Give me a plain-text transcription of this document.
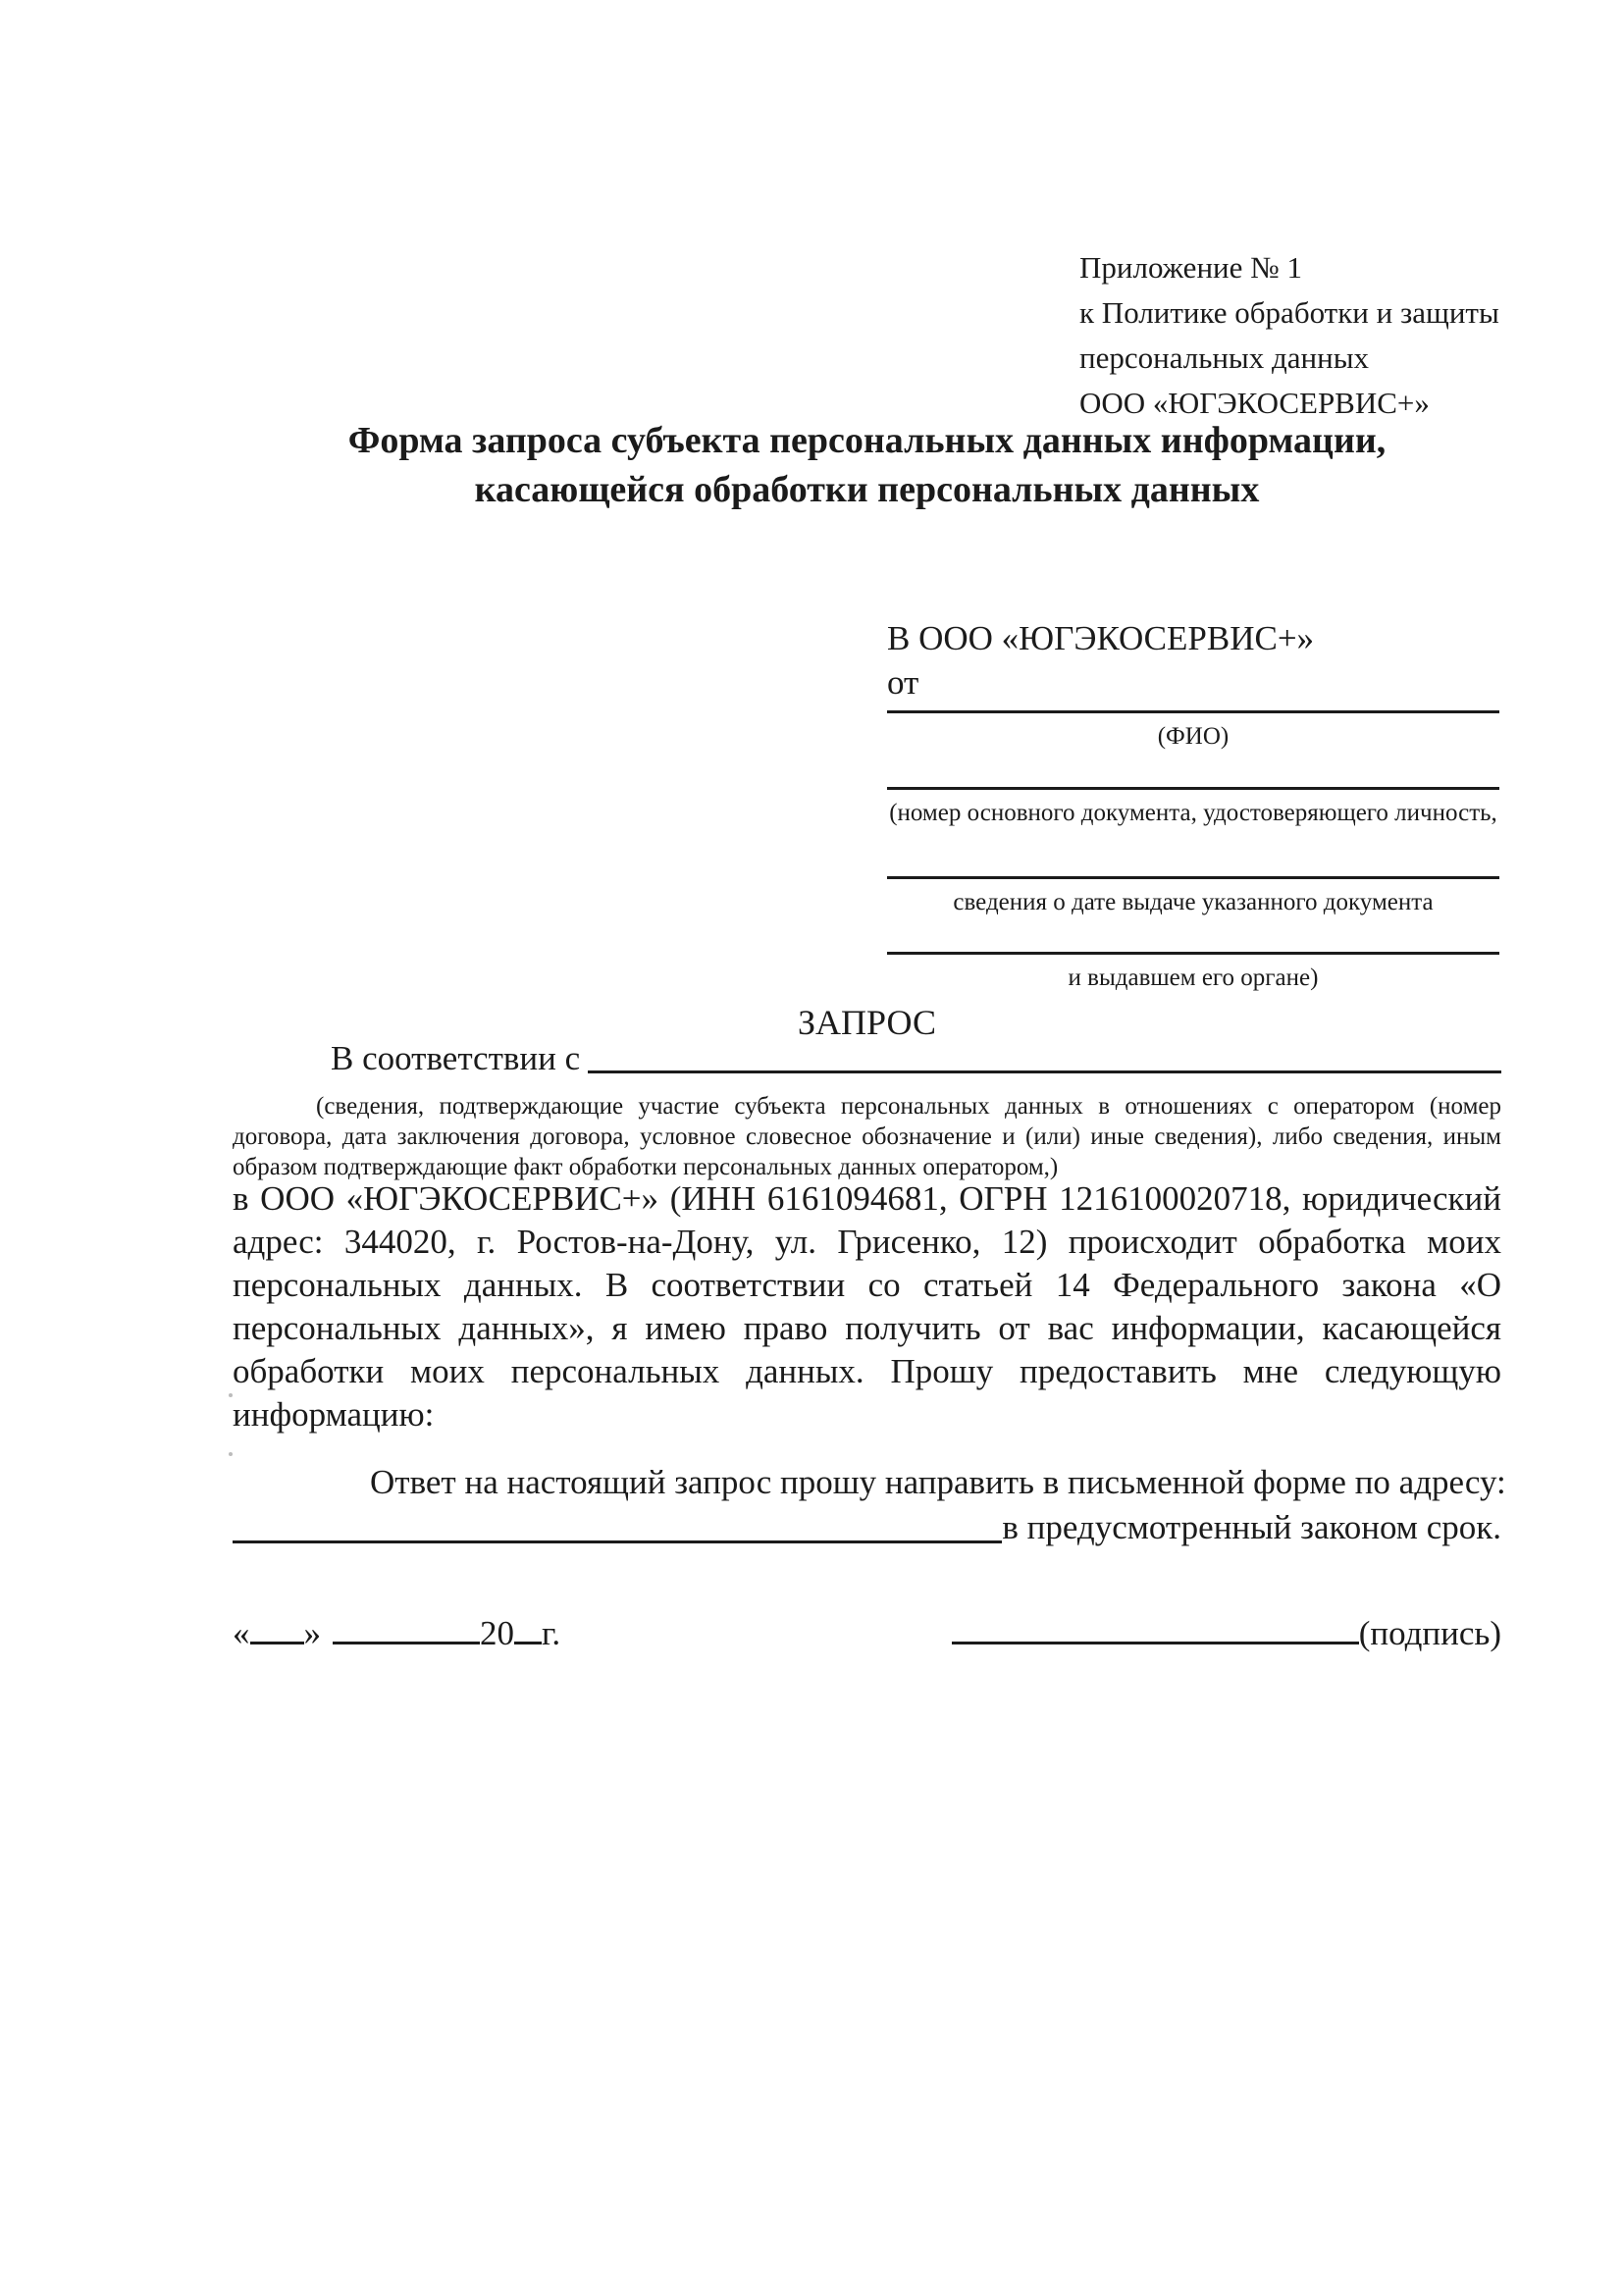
Приложение № 1
к Политике обработки и защиты
персональных данных
ООО «ЮГЭКОСЕРВИС+»
Форма запроса субъекта персональных данных информации,
касающейся обработки персональных данных
В ООО «ЮГЭКОСЕРВИС+»
от
(ФИО)
(номер основного документа, удостоверяющего личность,
сведения о дате выдаче указанного документа
и выдавшем его органе)
ЗАПРОС
В соответствии с
(сведения, подтверждающие участие субъекта персональных данных в отношениях с оператором (номер договора, дата заключения договора, условное словесное обозначение и (или) иные сведения), либо сведения, иным образом подтверждающие факт обработки персональных данных оператором,)
в ООО «ЮГЭКОСЕРВИС+» (ИНН 6161094681, ОГРН 1216100020718, юридический адрес: 344020, г. Ростов-на-Дону, ул. Грисенко, 12) происходит обработка моих персональных данных. В соответствии со статьей 14 Федерального закона «О персональных данных», я имею право получить от вас информации, касающейся обработки моих персональных данных. Прошу предоставить мне следующую информацию:
Ответ на настоящий запрос прошу направить в письменной форме по адресу:
в предусмотренный законом срок.
« »	20 г.	(подпись)
